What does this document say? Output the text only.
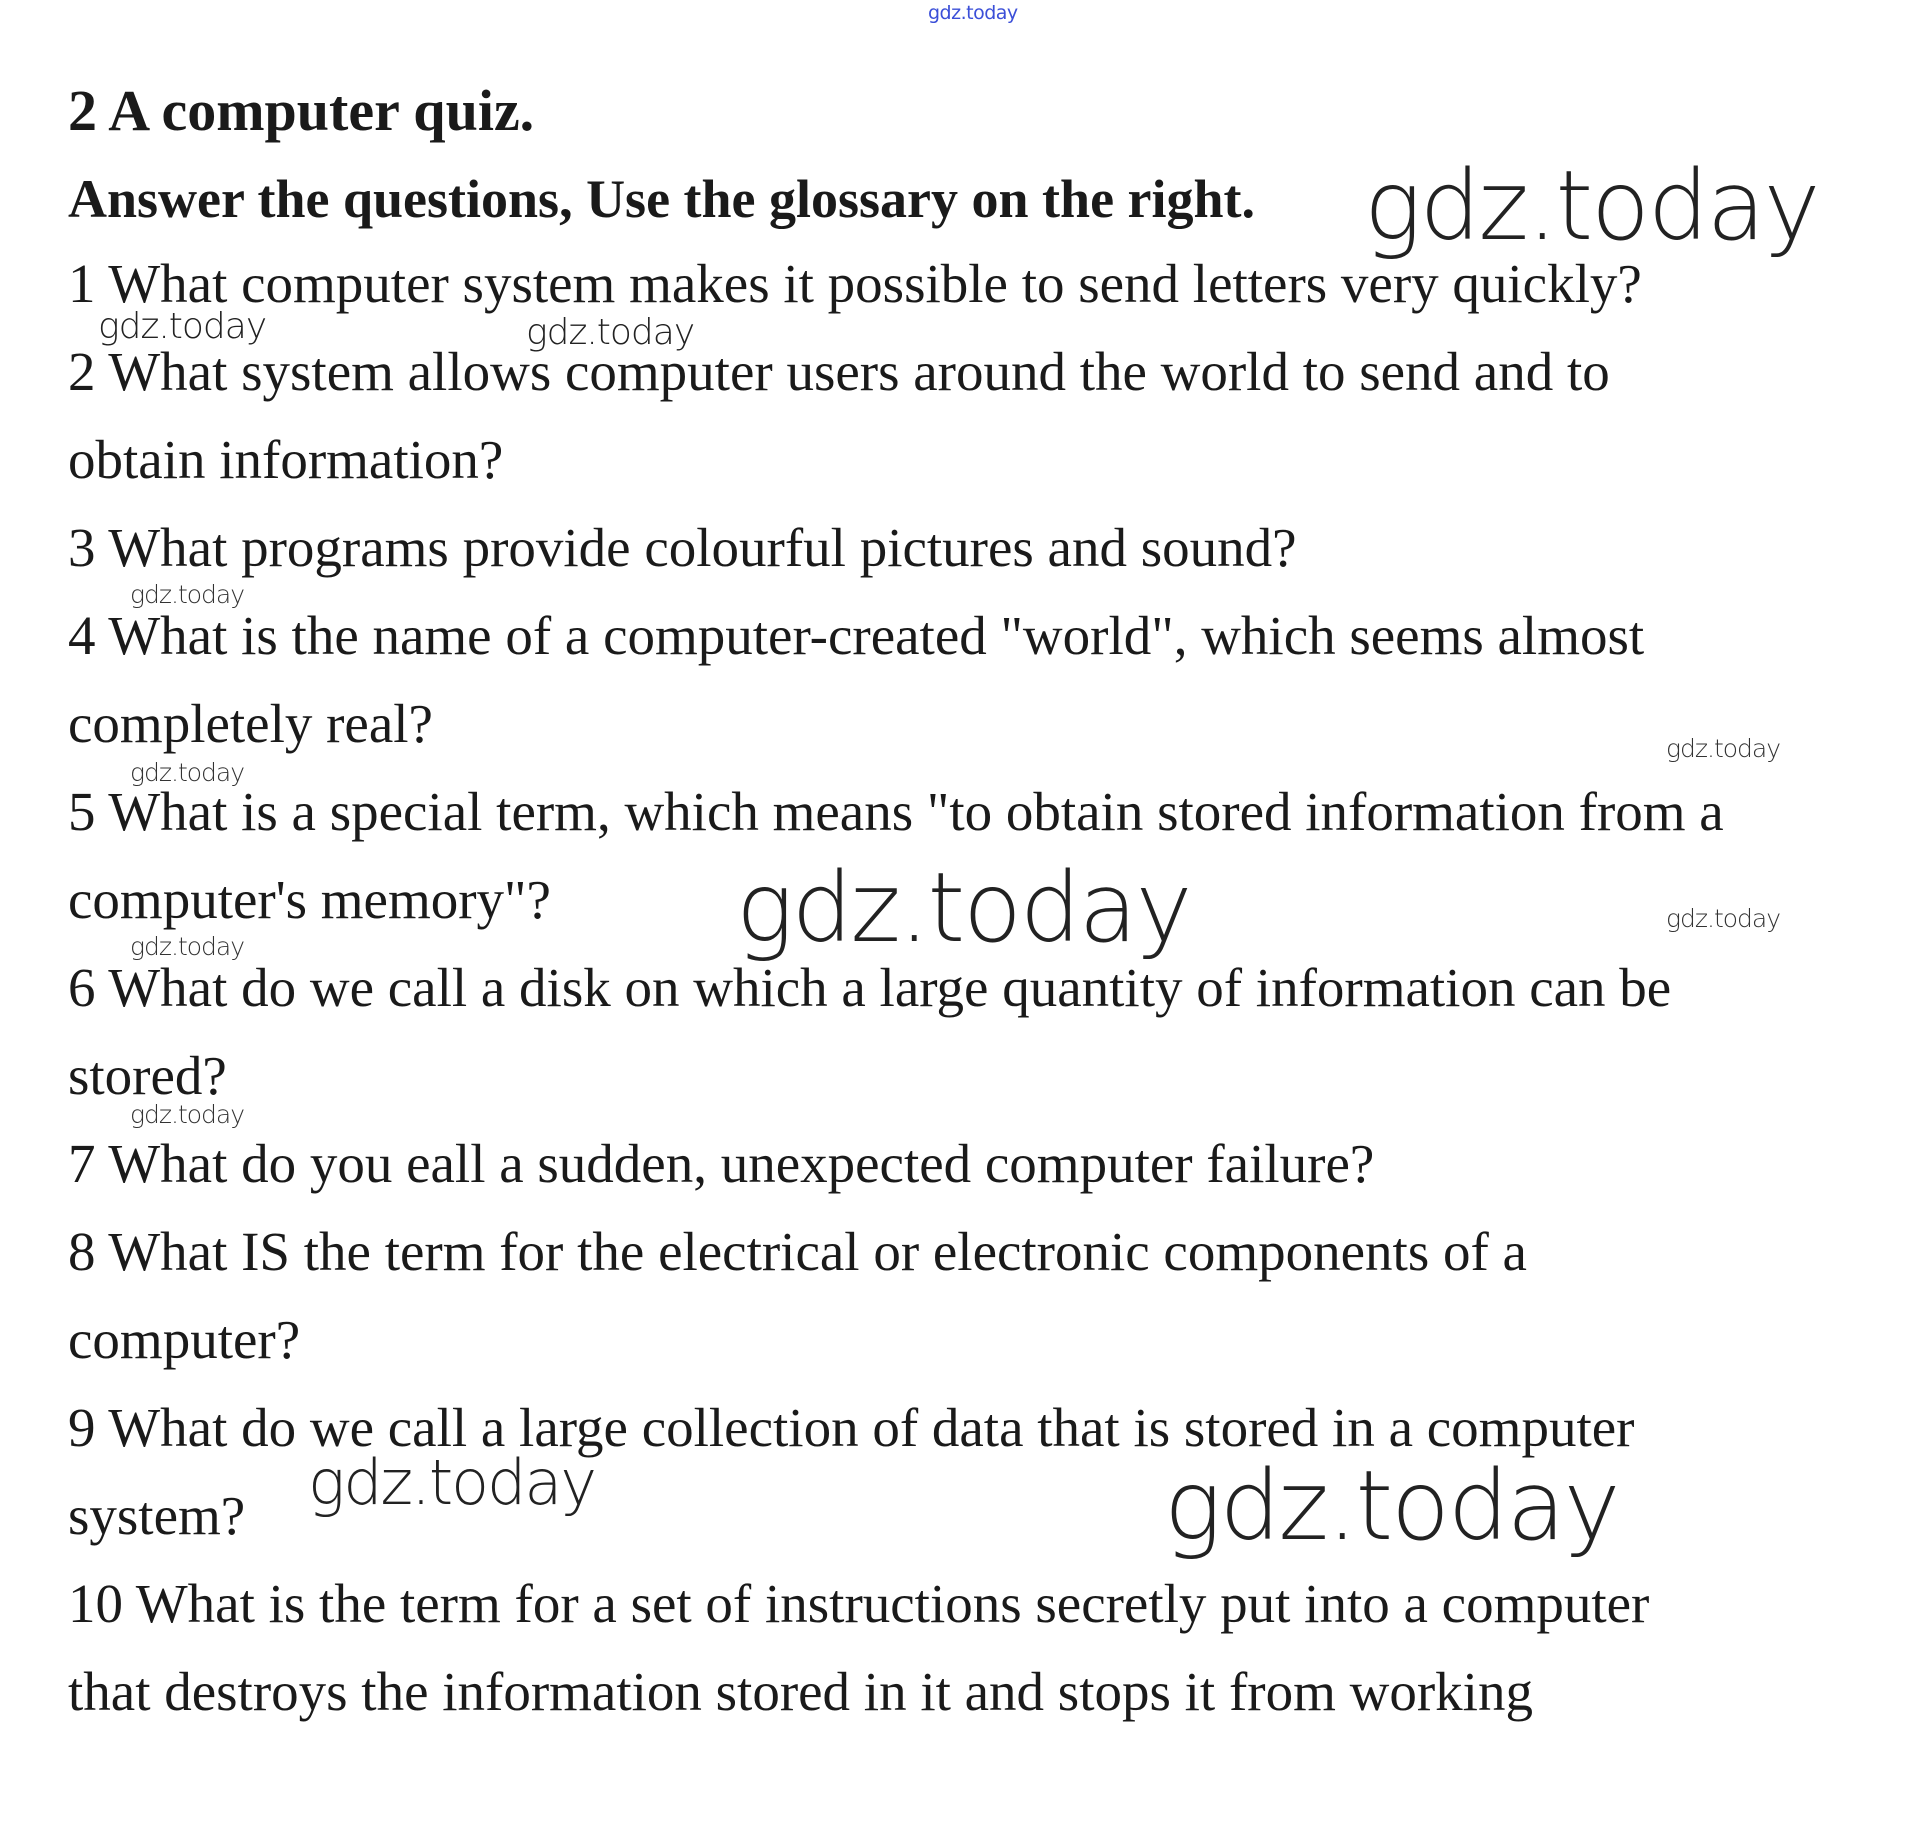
gdz.today
2 A computer quiz.
Answer the questions, Use the glossary on the right.
1 What computer system makes it possible to send letters very quickly?
2 What system allows computer users around the world to send and to
obtain information?
3 What programs provide colourful pictures and sound?
4 What is the name of a computer-created "world", which seems almost
completely real?
5 What is a special term, which means "to obtain stored information from a
computer's memory"?
6 What do we call a disk on which a large quantity of information can be
stored?
7 What do you eall a sudden, unexpected computer failure?
8 What IS the term for the electrical or electronic components of a
computer?
9 What do we call a large collection of data that is stored in a computer
system?
10 What is the term for a set of instructions secretly put into a computer
that destroys the information stored in it and stops it from working
gdz.today
gdz.today	gdz.today
gdz.today
gdz.today
gdz.today
gdz.today	gdz.today
gdz.today
gdz.today
gdz.today	gdz.today
